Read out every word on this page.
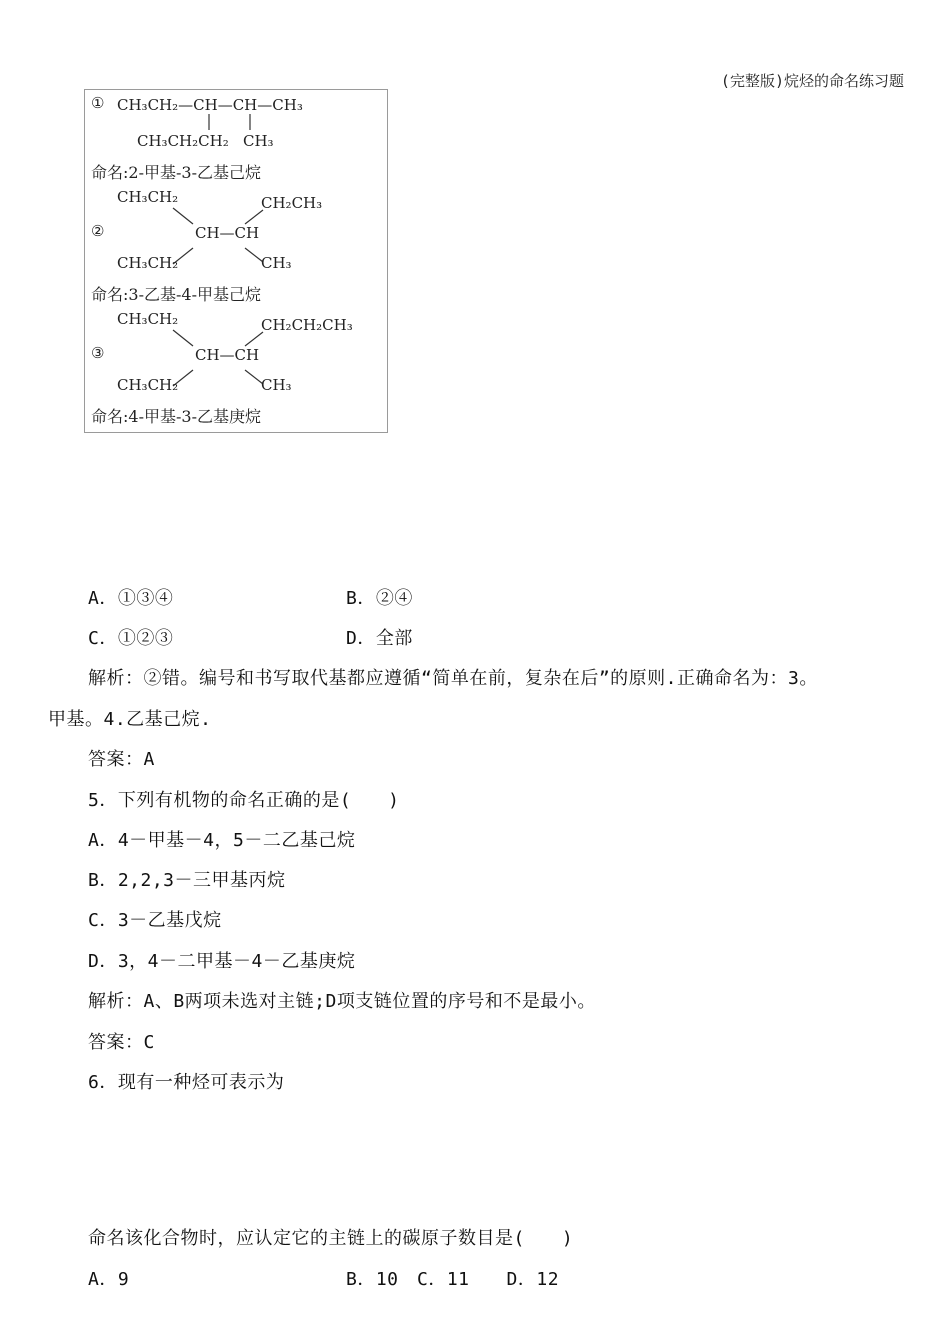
(完整版)烷烃的命名练习题
① CH₃CH₂—CH—CH—CH₃
CH₃CH₂CH₂ CH₃
命名:2-甲基-3-乙基己烷
CH₃CH₂	CH₂CH₃
②	CH—CH
CH₃CH₂	CH₃
命名:3-乙基-4-甲基己烷
CH₃CH₂	CH₂CH₂CH₃
③	CH—CH
CH₃CH₂	CH₃
命名:4-甲基-3-乙基庚烷
A．①③④	B．②④
C．①②③	D．全部
解析：②错。编号和书写取代基都应遵循“简单在前，复杂在后”的原则.正确命名为：3。
甲基。4.乙基己烷.
答案：A
5．下列有机物的命名正确的是(　　)
A．4－甲基－4，5－二乙基己烷
B．2,2,3－三甲基丙烷
C．3－乙基戊烷
D．3，4－二甲基－4－乙基庚烷
解析：A、B两项未选对主链;D项支链位置的序号和不是最小。
答案：C
6．现有一种烃可表示为
命名该化合物时，应认定它的主链上的碳原子数目是(　　)
A．9	B．10　C．11　　D．12
